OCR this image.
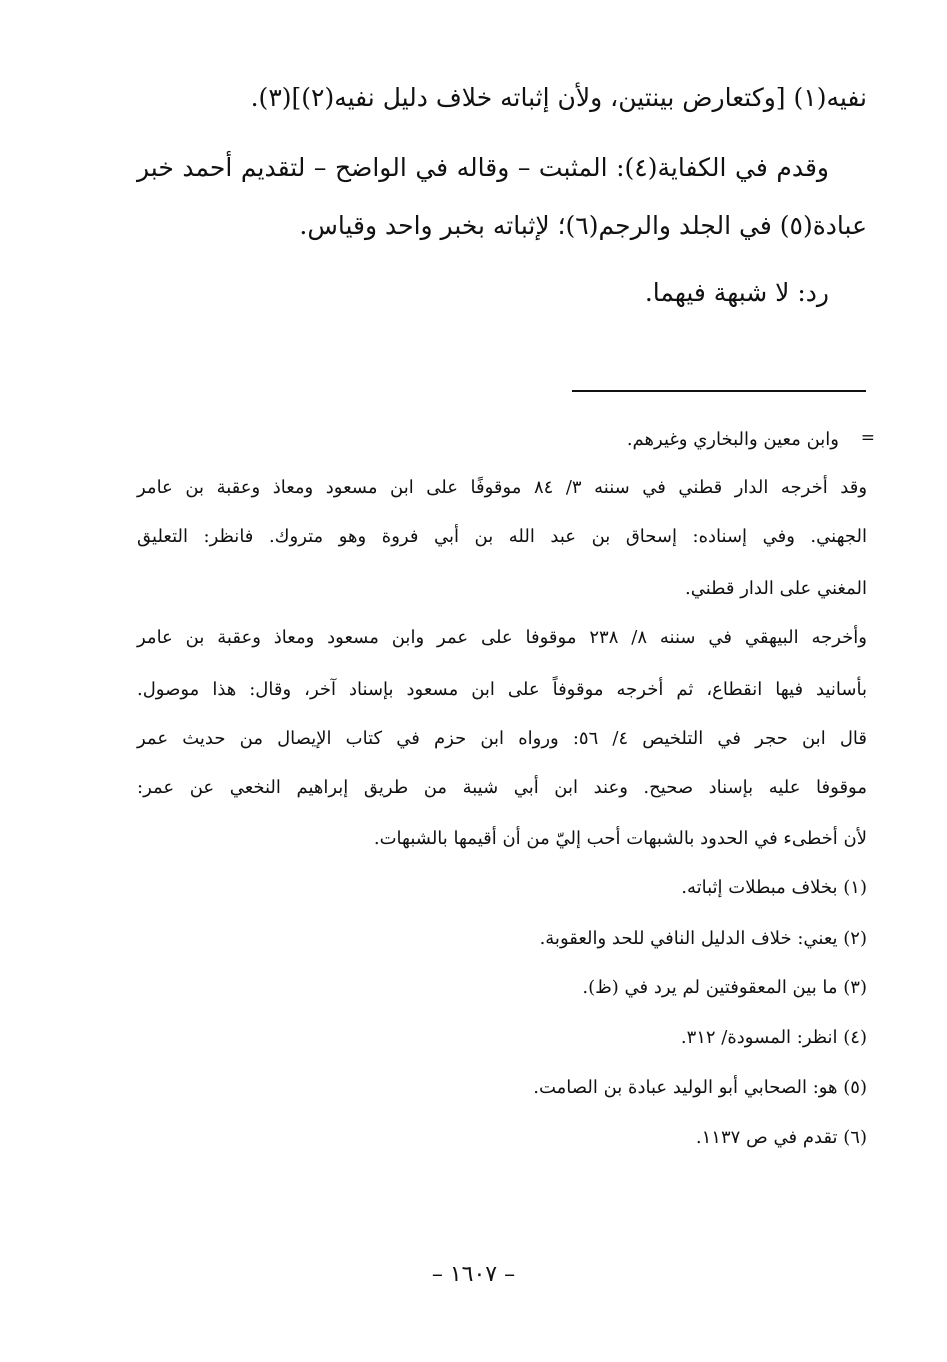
نفيه(١) [وكتعارض بينتين، ولأن إثباته خلاف دليل نفيه(٢)](٣).
وقدم في الكفاية(٤): المثبت – وقاله في الواضح – لتقديم أحمد خبر
عبادة(٥) في الجلد والرجم(٦)؛ لإثباته بخبر واحد وقياس.
رد: لا شبهة فيهما.
=
وابن معين والبخاري وغيرهم.
وقد أخرجه الدار قطني في سننه ٣/ ٨٤ موقوفًا على ابن مسعود ومعاذ وعقبة بن عامر
الجهني. وفي إسناده: إسحاق بن عبد الله بن أبي فروة وهو متروك. فانظر: التعليق
المغني على الدار قطني.
وأخرجه البيهقي في سننه ٨/ ٢٣٨ موقوفا على عمر وابن مسعود ومعاذ وعقبة بن عامر
بأسانيد فيها انقطاع، ثم أخرجه موقوفاً على ابن مسعود بإسناد آخر، وقال: هذا موصول.
قال ابن حجر في التلخيص ٤/ ٥٦: ورواه ابن حزم في كتاب الإيصال من حديث عمر
موقوفا عليه بإسناد صحيح. وعند ابن أبي شيبة من طريق إبراهيم النخعي عن عمر:
لأن أخطىء في الحدود بالشبهات أحب إليّ من أن أقيمها بالشبهات.
(١) بخلاف مبطلات إثباته.
(٢) يعني: خلاف الدليل النافي للحد والعقوبة.
(٣) ما بين المعقوفتين لم يرد في (ظ).
(٤) انظر: المسودة/ ٣١٢.
(٥) هو: الصحابي أبو الوليد عبادة بن الصامت.
(٦) تقدم في ص ١١٣٧.
– ١٦٠٧ –
